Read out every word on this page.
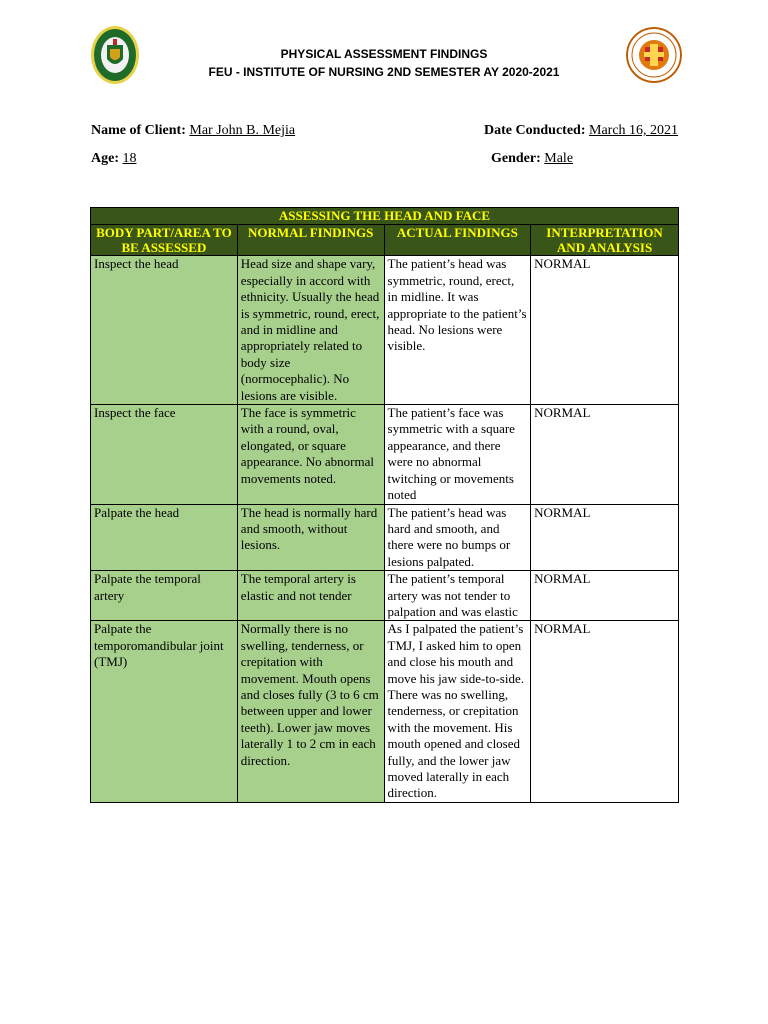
PHYSICAL ASSESSMENT FINDINGS
FEU - INSTITUTE OF NURSING 2ND SEMESTER AY 2020-2021
Name of Client: Mar John B. Mejia	Date Conducted: March 16, 2021
Age: 18	Gender: Male
ASSESSING THE HEAD AND FACE			
BODY PART/AREA TO BE ASSESSED	NORMAL FINDINGS	ACTUAL FINDINGS	INTERPRETATION AND ANALYSIS
Inspect the head	Head size and shape vary, especially in accord with ethnicity. Usually the head is symmetric, round, erect, and in midline and appropriately related to body size (normocephalic). No lesions are visible.	The patient’s head was symmetric, round, erect, in midline. It was appropriate to the patient’s head. No lesions were visible.	NORMAL
Inspect the face	The face is symmetric with a round, oval, elongated, or square appearance. No abnormal movements noted.	The patient’s face was symmetric with a square appearance, and there were no abnormal twitching or movements noted	NORMAL
Palpate the head	The head is normally hard and smooth, without lesions.	The patient’s head was hard and smooth, and there were no bumps or lesions palpated.	NORMAL
Palpate the temporal artery	The temporal artery is elastic and not tender	The patient’s temporal artery was not tender to palpation and was elastic	NORMAL
Palpate the temporomandibular joint (TMJ)	Normally there is no swelling, tenderness, or crepitation with movement. Mouth opens and closes fully (3 to 6 cm between upper and lower teeth). Lower jaw moves laterally 1 to 2 cm in each direction.	As I palpated the patient’s TMJ, I asked him to open and close his mouth and move his jaw side-to-side. There was no swelling, tenderness, or crepitation with the movement. His mouth opened and closed fully, and the lower jaw moved laterally in each direction.	NORMAL
